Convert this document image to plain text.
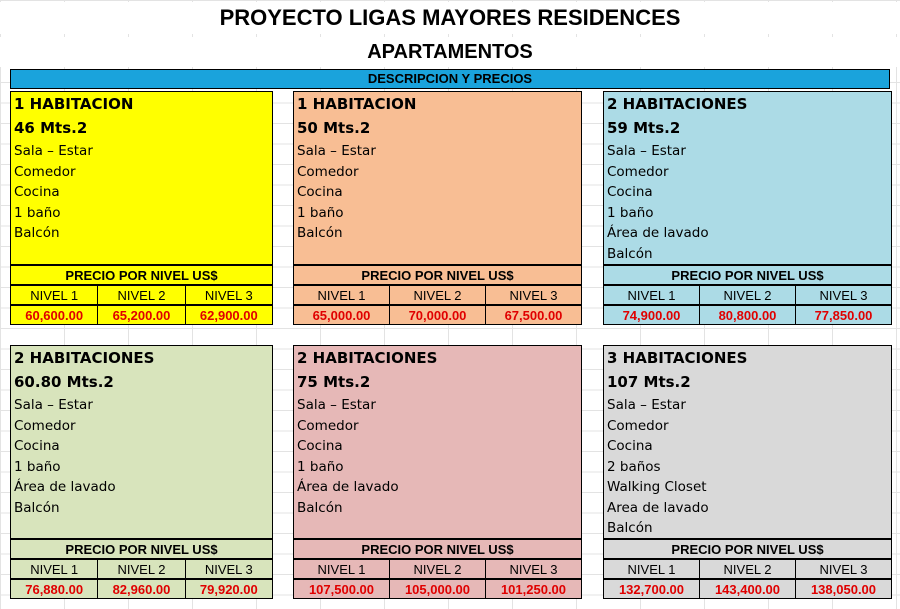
PROYECTO LIGAS MAYORES RESIDENCES
APARTAMENTOS
DESCRIPCION Y PRECIOS
1 HABITACION
46 Mts.2
Sala – Estar
Comedor
Cocina
1 baño
Balcón
PRECIO POR NIVEL US$
NIVEL 1	NIVEL 2	NIVEL 3
60,600.00	65,200.00	62,900.00
1 HABITACION
50 Mts.2
Sala – Estar
Comedor
Cocina
1 baño
Balcón
PRECIO POR NIVEL US$
NIVEL 1	NIVEL 2	NIVEL 3
65,000.00	70,000.00	67,500.00
2 HABITACIONES
59 Mts.2
Sala – Estar
Comedor
Cocina
1 baño
Área de lavado
Balcón
PRECIO POR NIVEL US$
NIVEL 1	NIVEL 2	NIVEL 3
74,900.00	80,800.00	77,850.00
2 HABITACIONES
60.80 Mts.2
Sala – Estar
Comedor
Cocina
1 baño
Área de lavado
Balcón
PRECIO POR NIVEL US$
NIVEL 1	NIVEL 2	NIVEL 3
76,880.00	82,960.00	79,920.00
2 HABITACIONES
75 Mts.2
Sala – Estar
Comedor
Cocina
1 baño
Área de lavado
Balcón
PRECIO POR NIVEL US$
NIVEL 1	NIVEL 2	NIVEL 3
107,500.00	105,000.00	101,250.00
3 HABITACIONES
107 Mts.2
Sala – Estar
Comedor
Cocina
2 baños
Walking Closet
Area de lavado
Balcón
PRECIO POR NIVEL US$
NIVEL 1	NIVEL 2	NIVEL 3
132,700.00	143,400.00	138,050.00
